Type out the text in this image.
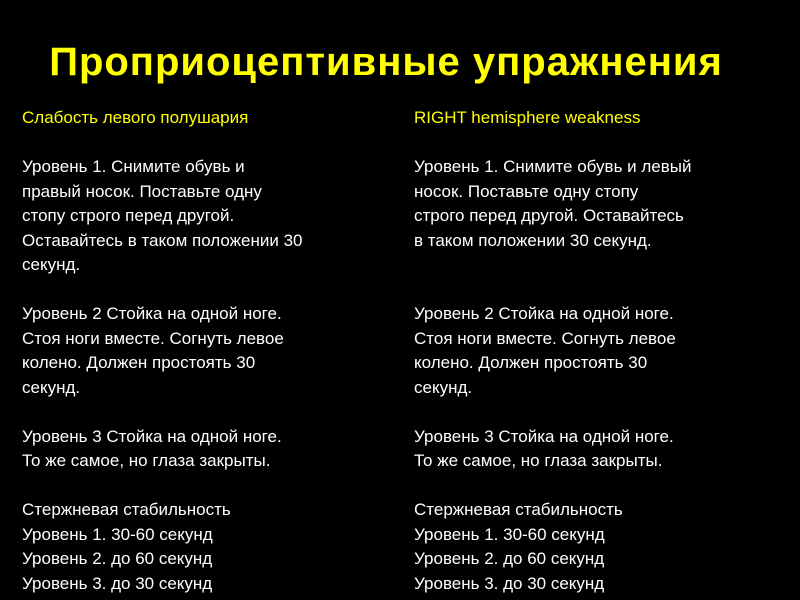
Проприоцептивные упражнения
Слабость левого полушария
Уровень 1. Снимите обувь и
правый носок. Поставьте одну
стопу строго перед другой.
Оставайтесь в таком положении 30
секунд.
Уровень 2 Стойка на одной ноге.
Стоя ноги вместе. Согнуть левое
колено. Должен простоять 30
секунд.
Уровень 3 Стойка на одной ноге.
То же самое, но глаза закрыты.
Стержневая стабильность
Уровень 1. 30-60 секунд
Уровень 2. до 60 секунд
Уровень 3. до 30 секунд
RIGHT hemisphere weakness
Уровень 1. Снимите обувь и левый
носок. Поставьте одну стопу
строго перед другой. Оставайтесь
в таком положении 30 секунд.
Уровень 2 Стойка на одной ноге.
Стоя ноги вместе. Согнуть левое
колено. Должен простоять 30
секунд.
Уровень 3 Стойка на одной ноге.
То же самое, но глаза закрыты.
Стержневая стабильность
Уровень 1. 30-60 секунд
Уровень 2. до 60 секунд
Уровень 3. до 30 секунд
